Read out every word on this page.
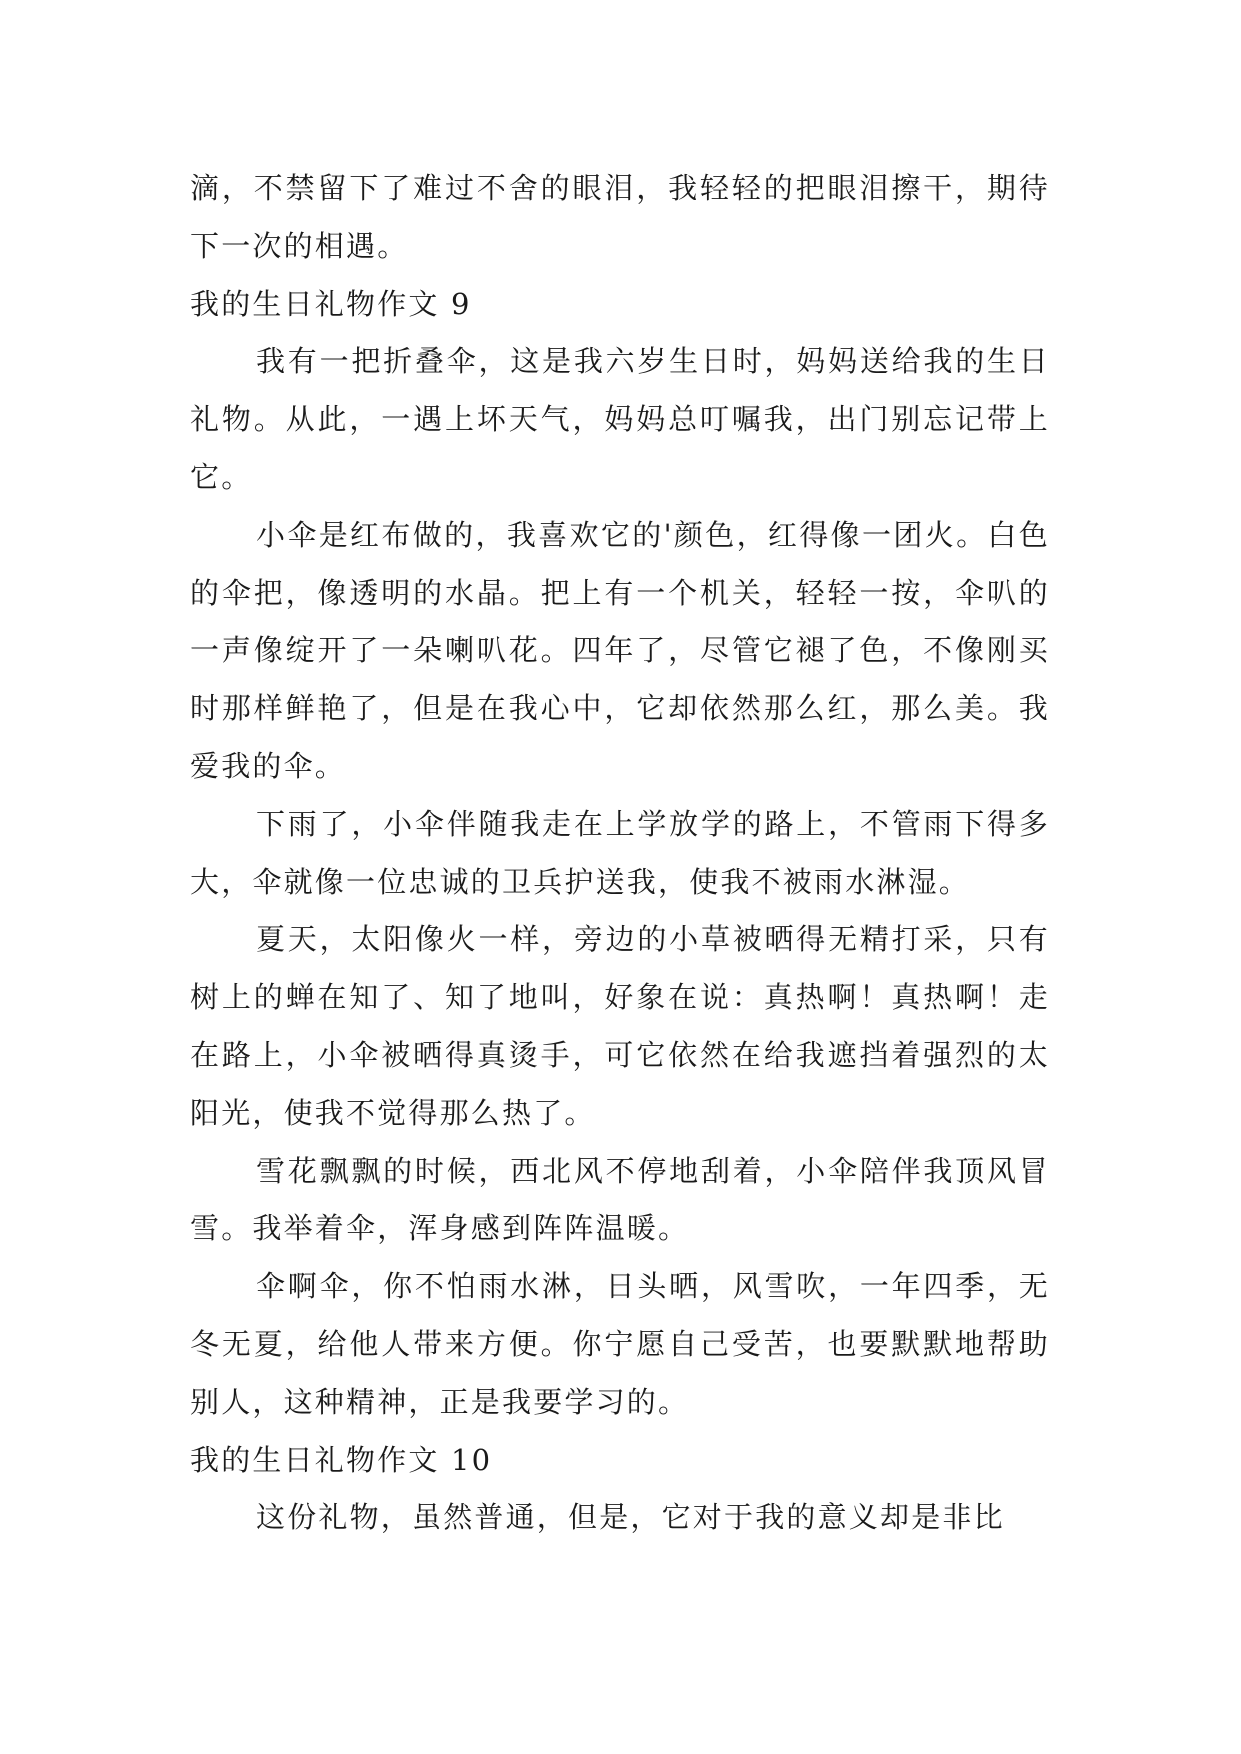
滴，不禁留下了难过不舍的眼泪，我轻轻的把眼泪擦干，期待下一次的相遇。

我的生日礼物作文 9

我有一把折叠伞，这是我六岁生日时，妈妈送给我的生日礼物。从此，一遇上坏天气，妈妈总叮嘱我，出门别忘记带上它。

小伞是红布做的，我喜欢它的'颜色，红得像一团火。白色的伞把，像透明的水晶。把上有一个机关，轻轻一按，伞叭的一声像绽开了一朵喇叭花。四年了，尽管它褪了色，不像刚买时那样鲜艳了，但是在我心中，它却依然那么红，那么美。我爱我的伞。

下雨了，小伞伴随我走在上学放学的路上，不管雨下得多大，伞就像一位忠诚的卫兵护送我，使我不被雨水淋湿。

夏天，太阳像火一样，旁边的小草被晒得无精打采，只有树上的蝉在知了、知了地叫，好象在说：真热啊！真热啊！走在路上，小伞被晒得真烫手，可它依然在给我遮挡着强烈的太阳光，使我不觉得那么热了。

雪花飘飘的时候，西北风不停地刮着，小伞陪伴我顶风冒雪。我举着伞，浑身感到阵阵温暖。

伞啊伞，你不怕雨水淋，日头晒，风雪吹，一年四季，无冬无夏，给他人带来方便。你宁愿自己受苦，也要默默地帮助别人，这种精神，正是我要学习的。

我的生日礼物作文 10

这份礼物，虽然普通，但是，它对于我的意义却是非比
